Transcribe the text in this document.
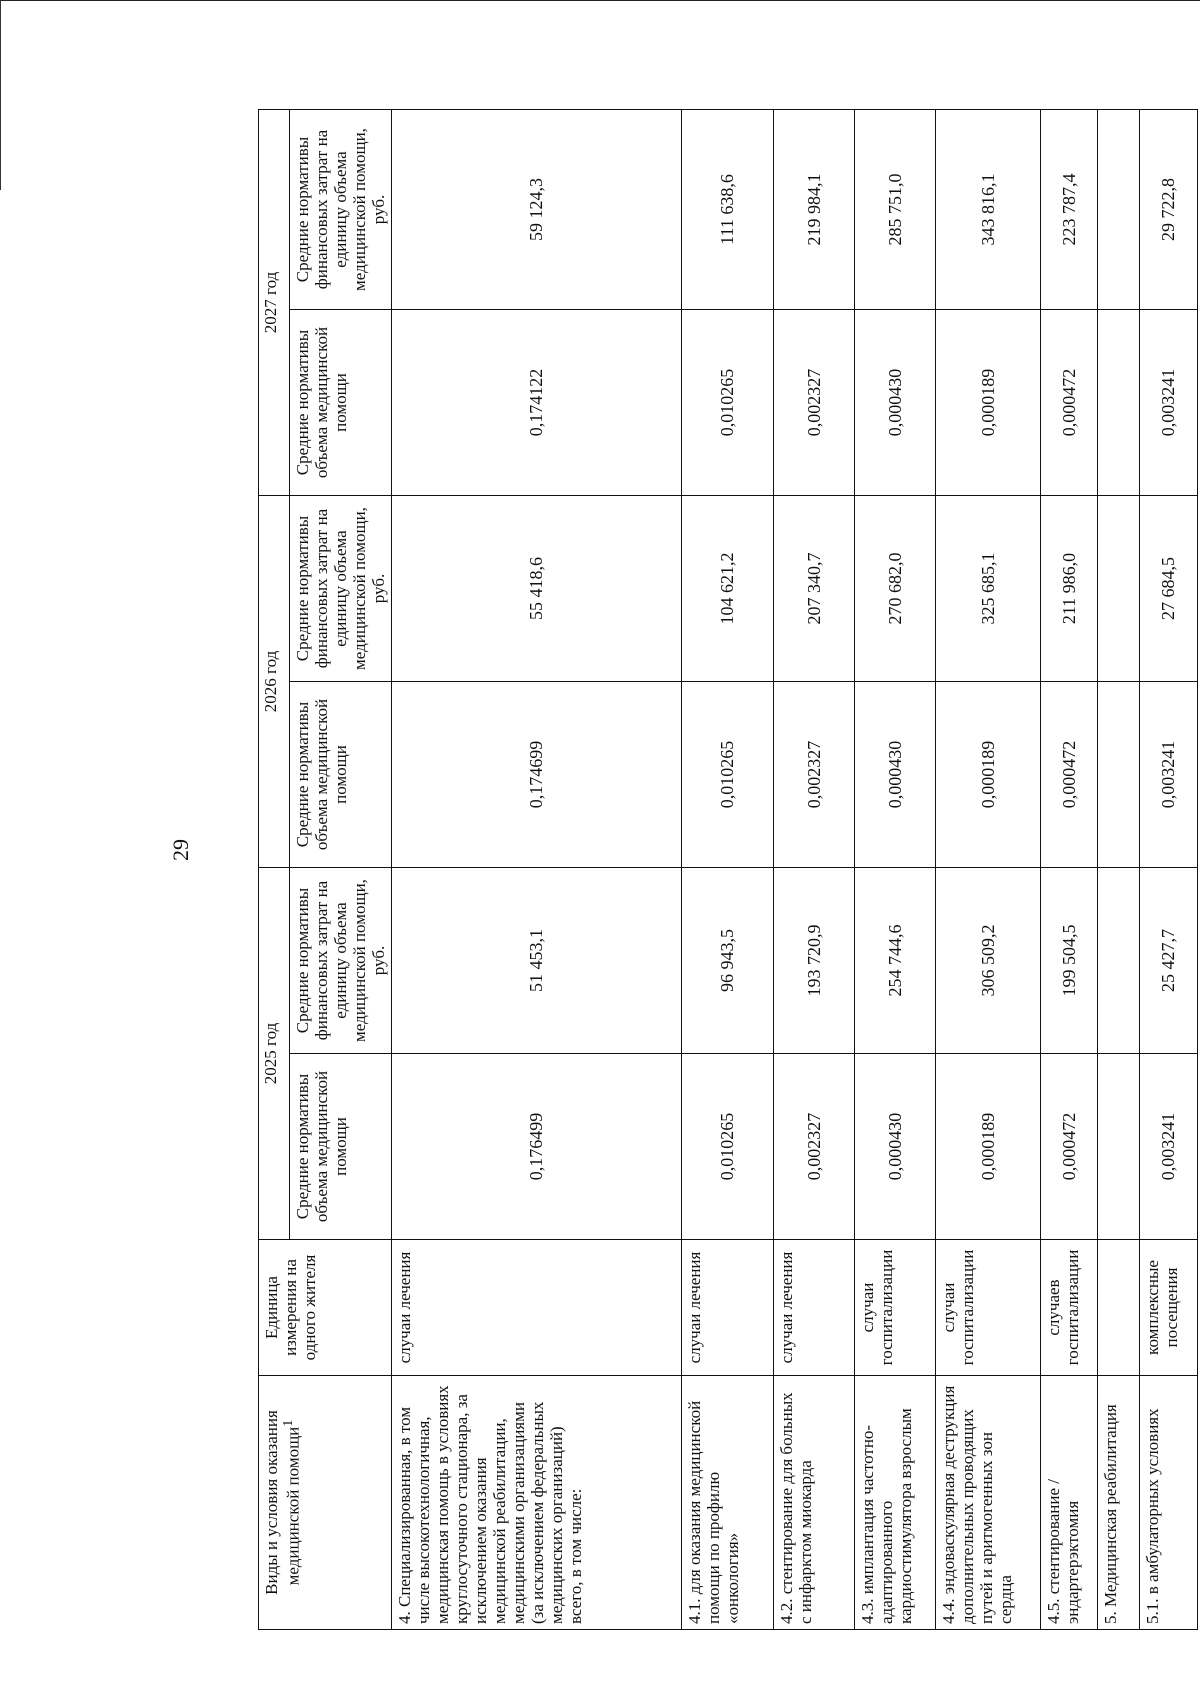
29
Виды и условия оказания медицинской помощи$^1$	Единица измерения на одного жителя	2025 год		2026 год		2027 год	
		Средние нормативы объема медицинской помощи	Средние нормативы финансовых затрат на единицу объема медицинской помощи, руб.	Средние нормативы объема медицинской помощи	Средние нормативы финансовых затрат на единицу объема медицинской помощи, руб.	Средние нормативы объема медицинской помощи	Средние нормативы финансовых затрат на единицу объема медицинской помощи, руб.
4. Специализированная, в том числе высокотехнологичная, медицинская помощь в условиях круглосуточного стационара, за исключением оказания медицинской реабилитации, медицинскими организациями (за исключением федеральных медицинских организаций) всего, в том числе:	случаи лечения	0,176499	51 453,1	0,174699	55 418,6	0,174122	59 124,3
4.1. для оказания медицинской помощи по профилю «онкология»	случаи лечения	0,010265	96 943,5	0,010265	104 621,2	0,010265	111 638,6
4.2. стентирование для больных с инфарктом миокарда	случаи лечения	0,002327	193 720,9	0,002327	207 340,7	0,002327	219 984,1
4.3. имплантация частотно-адаптированного кардиостимулятора взрослым	случаи госпитализации	0,000430	254 744,6	0,000430	270 682,0	0,000430	285 751,0
4.4. эндоваскулярная деструкция дополнительных проводящих путей и аритмогенных зон сердца	случаи госпитализации	0,000189	306 509,2	0,000189	325 685,1	0,000189	343 816,1
4.5. стентирование / эндартерэктомия	случаев госпитализации	0,000472	199 504,5	0,000472	211 986,0	0,000472	223 787,4
5. Медицинская реабилитация							
5.1. в амбулаторных условиях	комплексные посещения	0,003241	25 427,7	0,003241	27 684,5	0,003241	29 722,8
